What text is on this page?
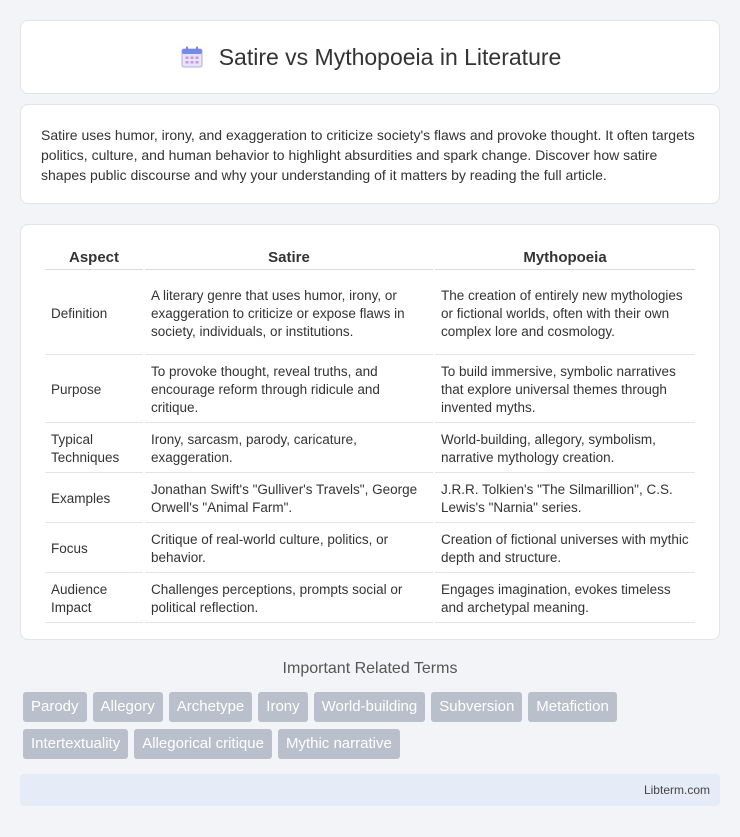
Satire vs Mythopoeia in Literature

Satire uses humor, irony, and exaggeration to criticize society's flaws and provoke thought. It often targets politics, culture, and human behavior to highlight absurdities and spark change. Discover how satire shapes public discourse and why your understanding of it matters by reading the full article.

Aspect	Satire	Mythopoeia
Definition	A literary genre that uses humor, irony, or exaggeration to criticize or expose flaws in society, individuals, or institutions.	The creation of entirely new mythologies or fictional worlds, often with their own complex lore and cosmology.
Purpose	To provoke thought, reveal truths, and encourage reform through ridicule and critique.	To build immersive, symbolic narratives that explore universal themes through invented myths.
Typical Techniques	Irony, sarcasm, parody, caricature, exaggeration.	World-building, allegory, symbolism, narrative mythology creation.
Examples	Jonathan Swift's "Gulliver's Travels", George Orwell's "Animal Farm".	J.R.R. Tolkien's "The Silmarillion", C.S. Lewis's "Narnia" series.
Focus	Critique of real-world culture, politics, or behavior.	Creation of fictional universes with mythic depth and structure.
Audience Impact	Challenges perceptions, prompts social or political reflection.	Engages imagination, evokes timeless and archetypal meaning.
Important Related Terms
Parody	Allegory	Archetype	Irony	World-building	Subversion	Metafiction
Intertextuality	Allegorical critique	Mythic narrative
Libterm.com
